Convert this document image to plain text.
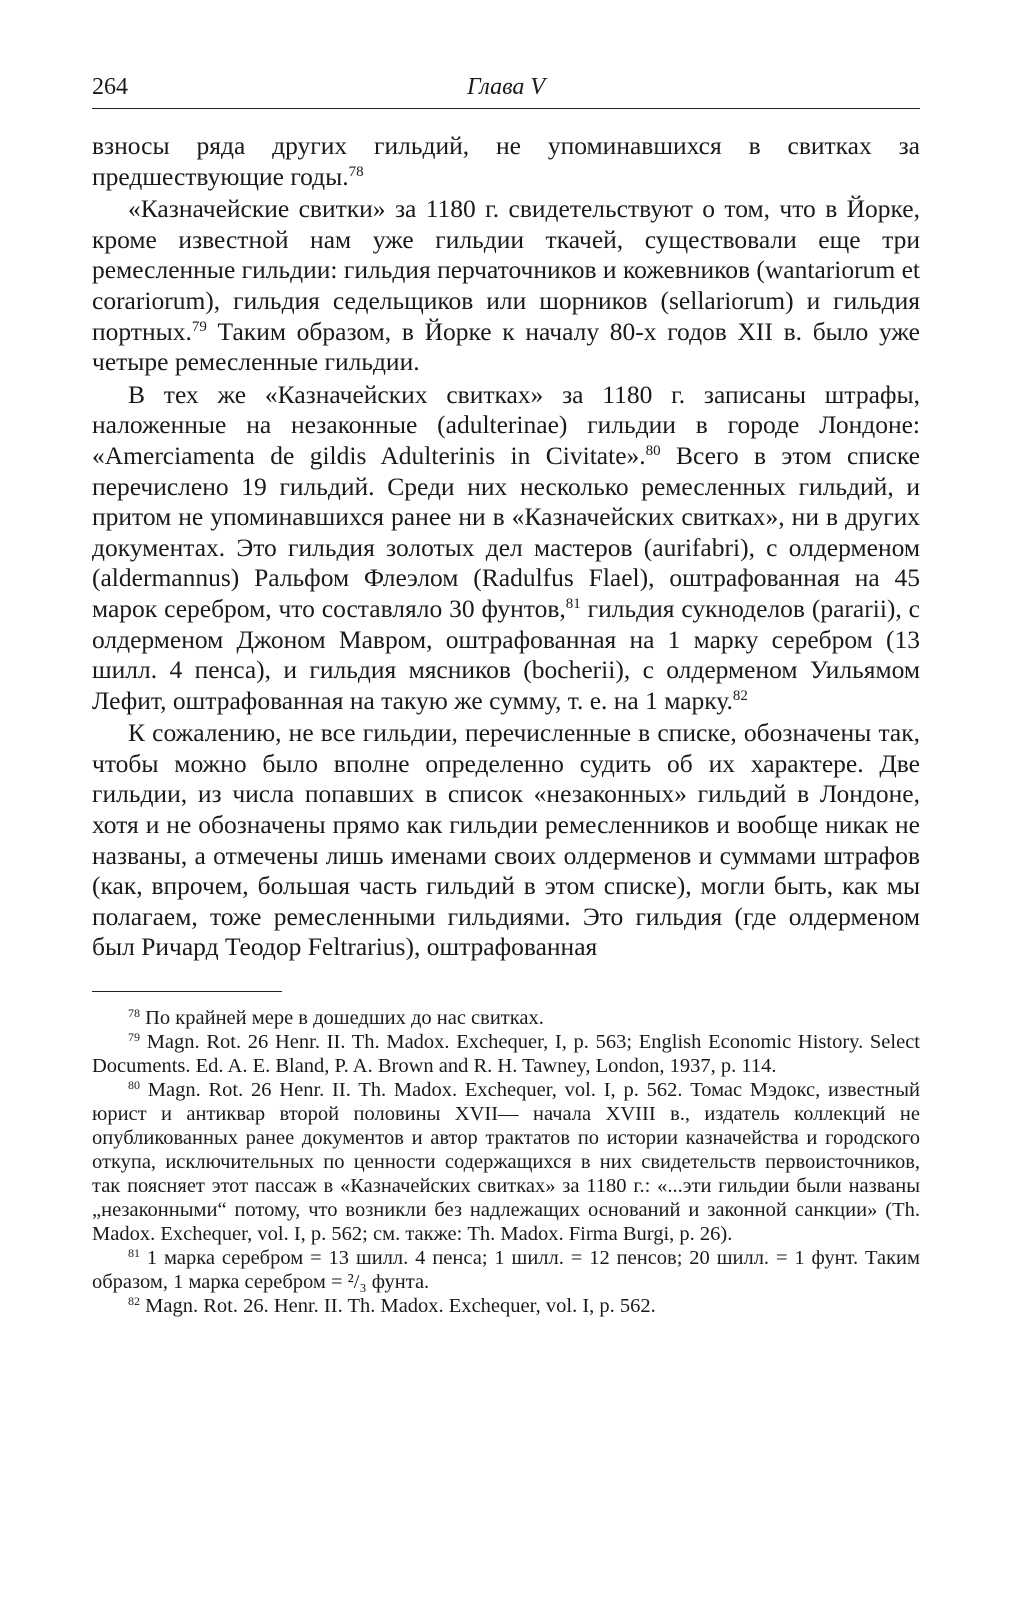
264	Глава V

взносы ряда других гильдий, не упоминавшихся в свитках за предшествующие годы.$^{78}$

«Казначейские свитки» за 1180 г. свидетельствуют о том, что в Йорке, кроме известной нам уже гильдии ткачей, существовали еще три ремесленные гильдии: гильдия перчаточников и кожевников (wantariorum et corariorum), гильдия седельщиков или шорников (sellariorum) и гильдия портных.$^{79}$ Таким образом, в Йорке к началу 80-х годов XII в. было уже четыре ремесленные гильдии.

В тех же «Казначейских свитках» за 1180 г. записаны штрафы, наложенные на незаконные (adulterinae) гильдии в городе Лондоне: «Amerciamenta de gildis Adulterinis in Civitate».$^{80}$ Всего в этом списке перечислено 19 гильдий. Среди них несколько ремесленных гильдий, и притом не упоминавшихся ранее ни в «Казначейских свитках», ни в других документах. Это гильдия золотых дел мастеров (aurifabri), с олдерменом (aldermannus) Ральфом Флеэлом (Radulfus Flael), оштрафованная на 45 марок серебром, что составляло 30 фунтов,$^{81}$ гильдия сукноделов (pararii), с олдерменом Джоном Мавром, оштрафованная на 1 марку серебром (13 шилл. 4 пенса), и гильдия мясников (bocherii), с олдерменом Уильямом Лефит, оштрафованная на такую же сумму, т. е. на 1 марку.$^{82}$

К сожалению, не все гильдии, перечисленные в списке, обозначены так, чтобы можно было вполне определенно судить об их характере. Две гильдии, из числа попавших в список «незаконных» гильдий в Лондоне, хотя и не обозначены прямо как гильдии ремесленников и вообще никак не названы, а отмечены лишь именами своих олдерменов и суммами штрафов (как, впрочем, большая часть гильдий в этом списке), могли быть, как мы полагаем, тоже ремесленными гильдиями. Это гильдия (где олдерменом был Ричард Теодор Feltrarius), оштрафованная

$^{78}$ По крайней мере в дошедших до нас свитках.

$^{79}$ Magn. Rot. 26 Henr. II. Th. Madox. Exchequer, I, p. 563; English Economic History. Select Documents. Ed. A. E. Bland, P. A. Brown and R. H. Tawney, London, 1937, p. 114.

$^{80}$ Magn. Rot. 26 Henr. II. Th. Madox. Exchequer, vol. I, p. 562. Томас Мэдокс, известный юрист и антиквар второй половины XVII— начала XVIII в., издатель коллекций не опубликованных ранее документов и автор трактатов по истории казначейства и городского откупа, исключительных по ценности содержащихся в них свидетельств первоисточников, так поясняет этот пассаж в «Казначейских свитках» за 1180 г.: «...эти гильдии были названы „незаконными“ потому, что возникли без надлежащих оснований и законной санкции» (Th. Madox. Exchequer, vol. I, p. 562; см. также: Th. Madox. Firma Burgi, p. 26).

$^{81}$ 1 марка серебром = 13 шилл. 4 пенса; 1 шилл. = 12 пенсов; 20 шилл. = 1 фунт. Таким образом, 1 марка серебром = ²/₃ фунта.

$^{82}$ Magn. Rot. 26. Henr. II. Th. Madox. Exchequer, vol. I, p. 562.
